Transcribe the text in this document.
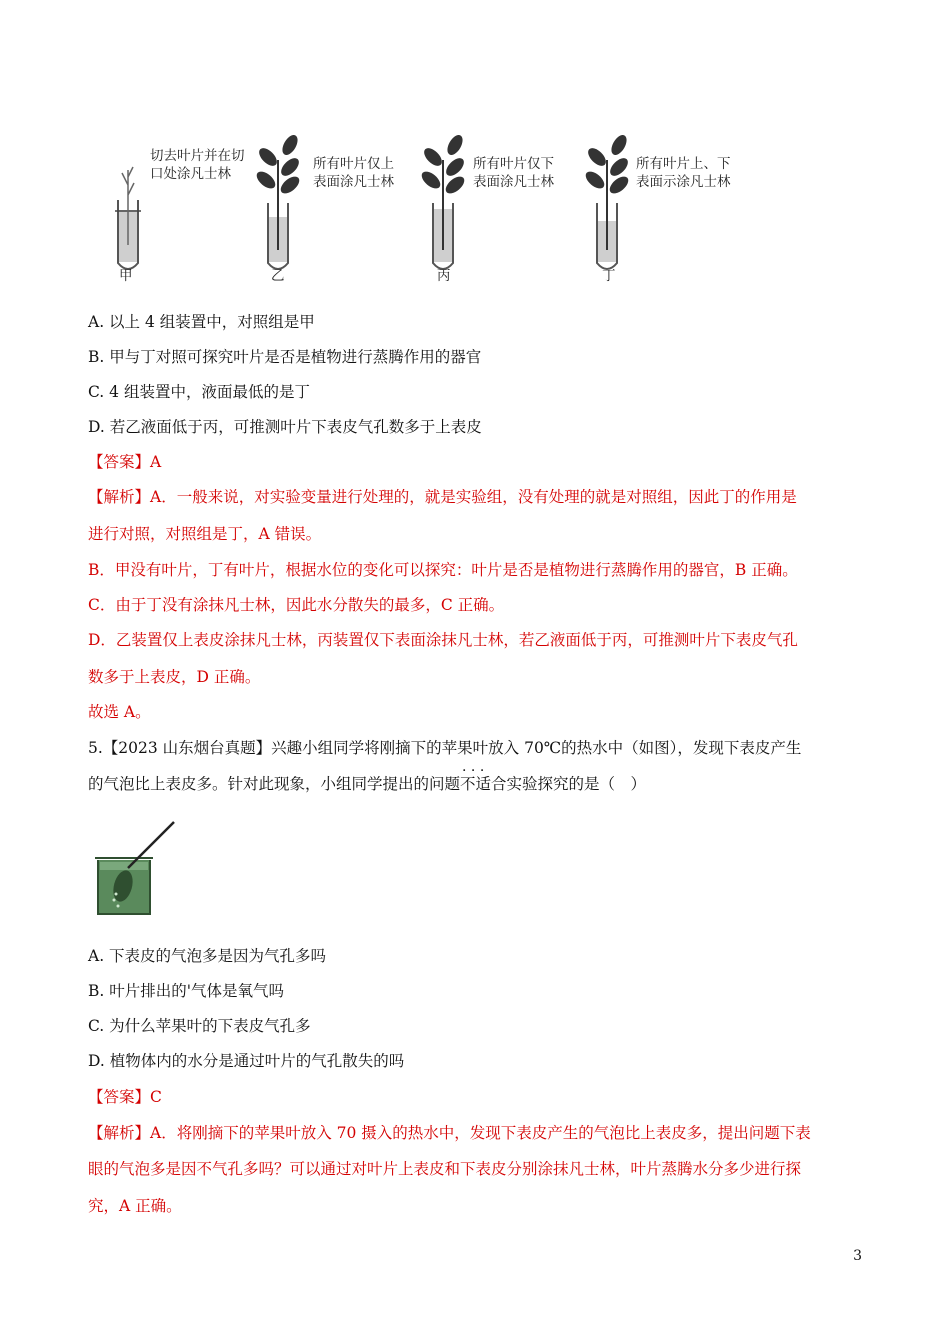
切去叶片并在切
口处涂凡士林
所有叶片仅上
表面涂凡士林
所有叶片仅下
表面涂凡士林
所有叶片上、下
表面示涂凡士林
甲	乙	丙	丁
A. 以上 4 组装置中，对照组是甲
B. 甲与丁对照可探究叶片是否是植物进行蒸腾作用的器官
C. 4 组装置中，液面最低的是丁
D. 若乙液面低于丙，可推测叶片下表皮气孔数多于上表皮
【答案】A
【解析】A．一般来说，对实验变量进行处理的，就是实验组，没有处理的就是对照组，因此丁的作用是
进行对照，对照组是丁，A 错误。
B．甲没有叶片，丁有叶片，根据水位的变化可以探究：叶片是否是植物进行蒸腾作用的器官，B 正确。
C．由于丁没有涂抹凡士林，因此水分散失的最多，C 正确。
D．乙装置仅上表皮涂抹凡士林，丙装置仅下表面涂抹凡士林，若乙液面低于丙，可推测叶片下表皮气孔
数多于上表皮，D 正确。
故选 A。
5.【2023 山东烟台真题】兴趣小组同学将刚摘下的苹果叶放入 70℃的热水中（如图），发现下表皮产生
的气泡比上表皮多。针对此现象，小组同学提出的问题· · · 不适合实验探究的是（　）
A. 下表皮的气泡多是因为气孔多吗
B. 叶片排出的'气体是氧气吗
C. 为什么苹果叶的下表皮气孔多
D. 植物体内的水分是通过叶片的气孔散失的吗
【答案】C
【解析】A．将刚摘下的苹果叶放入 70 摄入的热水中，发现下表皮产生的气泡比上表皮多，提出问题下表
眼的气泡多是因不气孔多吗？可以通过对叶片上表皮和下表皮分别涂抹凡士林，叶片蒸腾水分多少进行探
究，A 正确。
3
